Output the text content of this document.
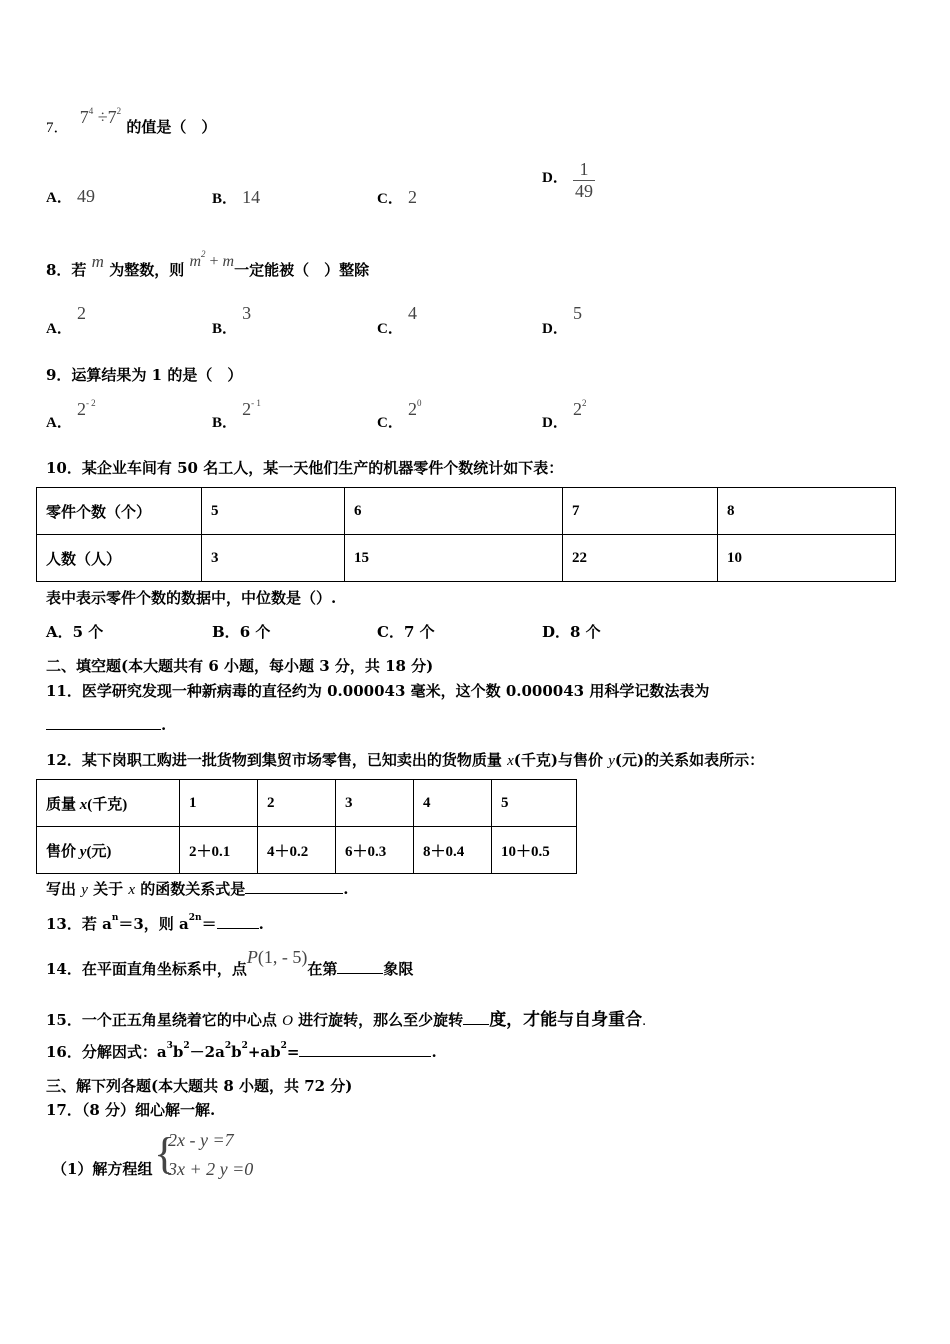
7． $7^4 \div 7^2$ 的值是（　）
A． 49	B． 14	C． 2
D． $\frac{1}{49}$
8．若 m 为整数，则 $m^2 + m$一定能被（　）整除
A． 2
B． 3
C． 4
D． 5
9．运算结果为 1 的是（　）
A． $2^{- 2}$
B． $2^{- 1}$
C． $2^0$
D． $2^2$
10．某企业车间有 50 名工人，某一天他们生产的机器零件个数统计如下表：
零件个数（个）	5	6	7	8
人数（人）	3	15	22	10
表中表示零件个数的数据中，中位数是（）.
A．5 个	B．6 个	C．7 个	D．8 个
二、填空题(本大题共有 6 小题，每小题 3 分，共 18 分)
11．医学研究发现一种新病毒的直径约为 0.000043 毫米，这个数 0.000043 用科学记数法表为
.
12．某下岗职工购进一批货物到集贸市场零售，已知卖出的货物质量 x(千克)与售价 y(元)的关系如表所示：
质量 x(千克)	1	2	3	4	5
售价 y(元)	2＋0.1	4＋0.2	6＋0.3	8＋0.4	10＋0.5
写出 y 关于 x 的函数关系式是	.
13．若 $a^n=3$，则 $a^{2n}=$	.
14．在平面直角坐标系中，点P(1, - 5)在第	象限
15．一个正五角星绕着它的中心点 O 进行旋转，那么至少旋转 度，才能与自身重合.
16．分解因式：$a^3b^2-2a^2b^2+ab^2=$	.
三、解下列各题(本大题共 8 小题，共 72 分)
17．（8 分）细心解一解.
（1）解方程组 {
2x - y =7
3x + 2 y =0
